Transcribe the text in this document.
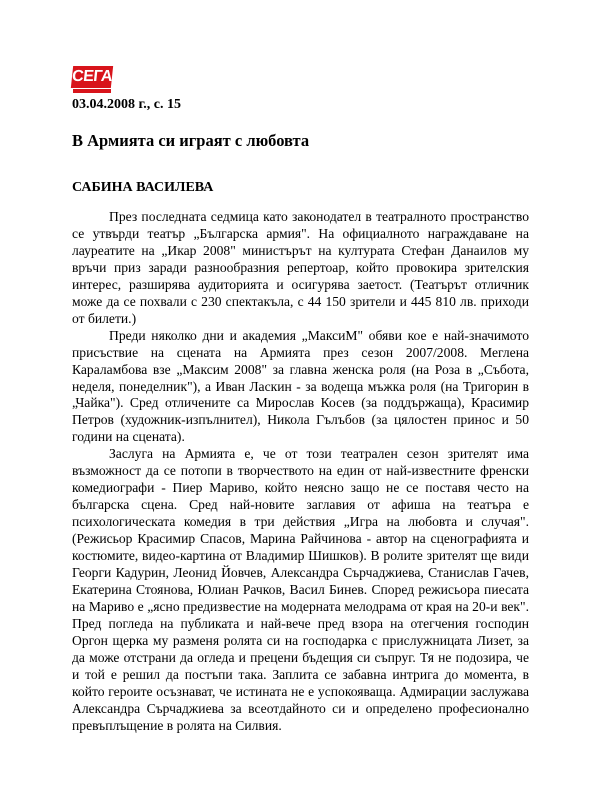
СЕГА
03.04.2008 г., с. 15
В Армията си играят с любовта
САБИНА ВАСИЛЕВА

През последната седмица като законодател в театралното пространство се утвърди театър „Българска армия". На официалното награждаване на лауреатите на „Икар 2008" министърът на културата Стефан Данаилов му връчи приз заради разнообразния репертоар, който провокира зрителския интерес, разширява аудиторията и осигурява заетост. (Театърът отличник може да се похвали с 230 спектакъла, с 44 150 зрители и 445 810 лв. приходи от билети.)

Преди няколко дни и академия „МаксиМ" обяви кое е най-значимото присъствие на сцената на Армията през сезон 2007/2008. Меглена Караламбова взе „Максим 2008" за главна женска роля (на Роза в „Събота, неделя, понеделник"), а Иван Ласкин - за водеща мъжка роля (на Тригорин в „Чайка"). Сред отличените са Мирослав Косев (за поддържаща), Красимир Петров (художник-изпълнител), Никола Гълъбов (за цялостен принос и 50 години на сцената).

Заслуга на Армията е, че от този театрален сезон зрителят има възможност да се потопи в творчеството на един от най-известните френски комедиографи - Пиер Мариво, който неясно защо не се поставя често на българска сцена. Сред най-новите заглавия от афиша на театъра е психологическата комедия в три действия „Игра на любовта и случая". (Режисьор Красимир Спасов, Марина Райчинова - автор на сценографията и костюмите, видео-картина от Владимир Шишков). В ролите зрителят ще види Георги Кадурин, Леонид Йовчев, Александра Сърчаджиева, Станислав Гачев, Екатерина Стоянова, Юлиан Рачков, Васил Бинев. Според режисьора пиесата на Мариво е „ясно предизвестие на модерната мелодрама от края на 20-и век". Пред погледа на публиката и най-вече пред взора на отегчения господин Оргон щерка му разменя ролята си на господарка с прислужницата Лизет, за да може отстрани да огледа и прецени бъдещия си съпруг. Тя не подозира, че и той е решил да постъпи така. Заплита се забавна интрига до момента, в който героите осъзнават, че истината не е успокояваща. Адмирации заслужава Александра Сърчаджиева за всеотдайното си и определено професионално превъплъщение в ролята на Силвия.
